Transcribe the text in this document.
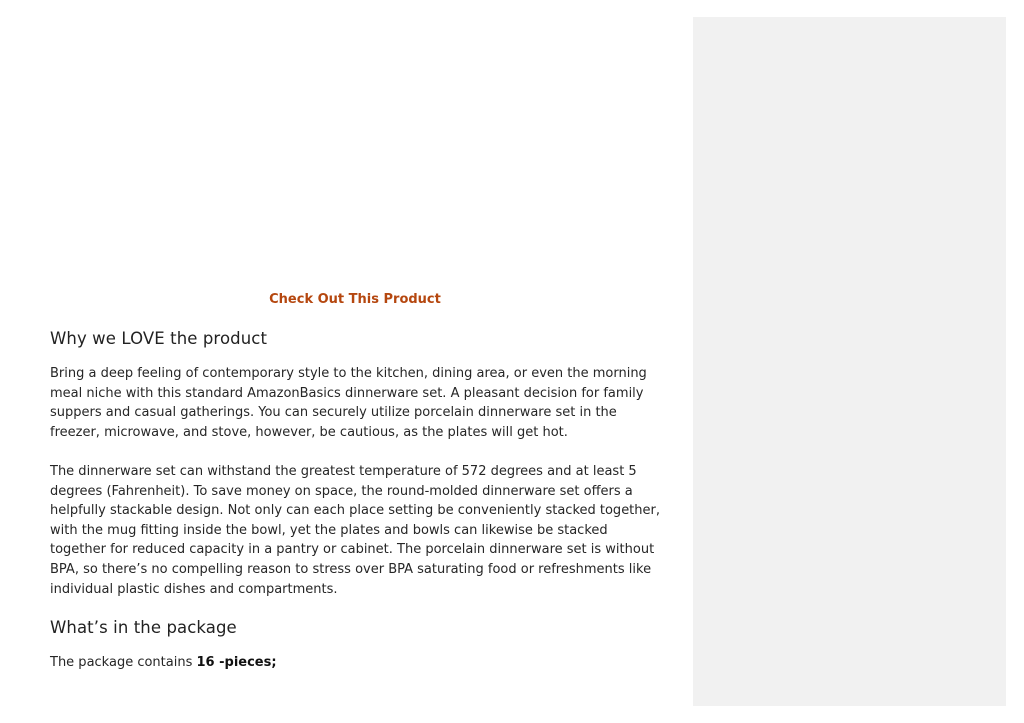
Check Out This Product
Why we LOVE the product

Bring a deep feeling of contemporary style to the kitchen, dining area, or even the morning meal niche with this standard AmazonBasics dinnerware set. A pleasant decision for family suppers and casual gatherings. You can securely utilize porcelain dinnerware set in the freezer, microwave, and stove, however, be cautious, as the plates will get hot.

The dinnerware set can withstand the greatest temperature of 572 degrees and at least 5 degrees (Fahrenheit). To save money on space, the round-molded dinnerware set offers a helpfully stackable design. Not only can each place setting be conveniently stacked together, with the mug fitting inside the bowl, yet the plates and bowls can likewise be stacked together for reduced capacity in a pantry or cabinet. The porcelain dinnerware set is without BPA, so there’s no compelling reason to stress over BPA saturating food or refreshments like individual plastic dishes and compartments.

What’s in the package

The package contains 16 -pieces;
